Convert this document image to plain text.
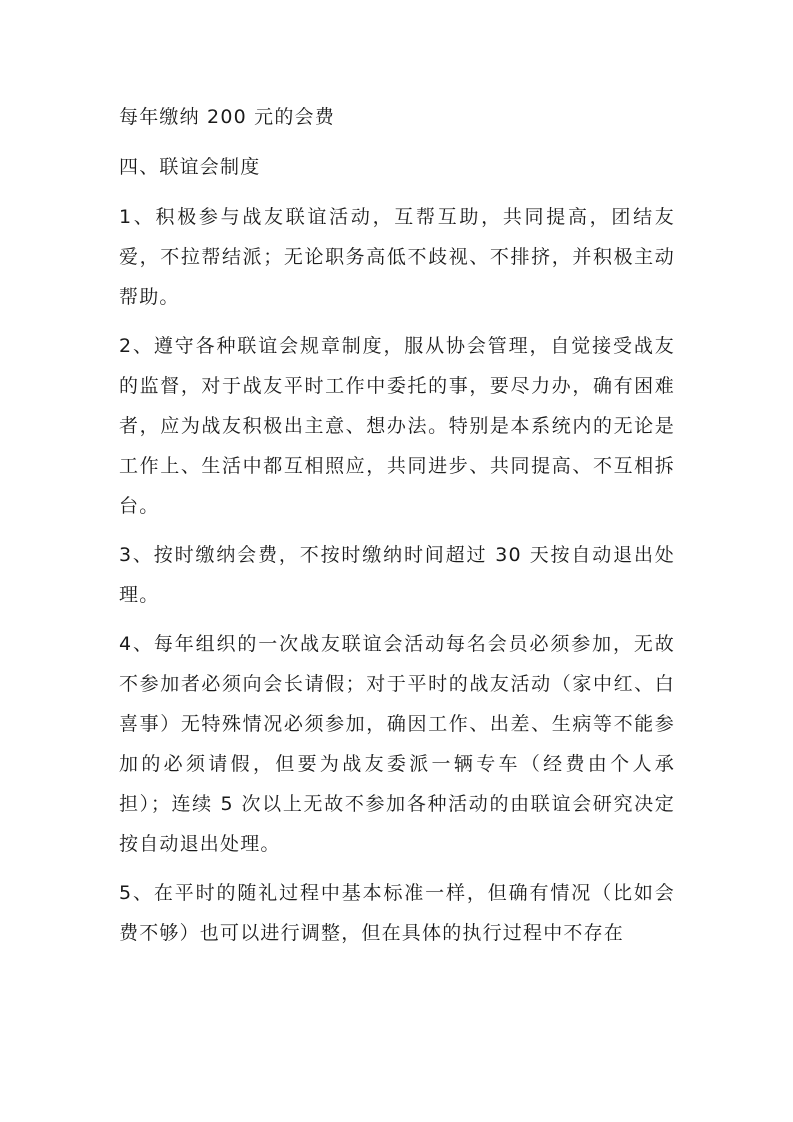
每年缴纳 200 元的会费

四、联谊会制度

1、积极参与战友联谊活动，互帮互助，共同提高，团结友爱，不拉帮结派；无论职务高低不歧视、不排挤，并积极主动帮助。

2、遵守各种联谊会规章制度，服从协会管理，自觉接受战友的监督，对于战友平时工作中委托的事，要尽力办，确有困难者，应为战友积极出主意、想办法。特别是本系统内的无论是工作上、生活中都互相照应，共同进步、共同提高、不互相拆台。

3、按时缴纳会费，不按时缴纳时间超过 30 天按自动退出处理。

4、每年组织的一次战友联谊会活动每名会员必须参加，无故不参加者必须向会长请假；对于平时的战友活动（家中红、白喜事）无特殊情况必须参加，确因工作、出差、生病等不能参加的必须请假，但要为战友委派一辆专车（经费由个人承担）；连续 5 次以上无故不参加各种活动的由联谊会研究决定按自动退出处理。

5、在平时的随礼过程中基本标准一样，但确有情况（比如会费不够）也可以进行调整，但在具体的执行过程中不存在
